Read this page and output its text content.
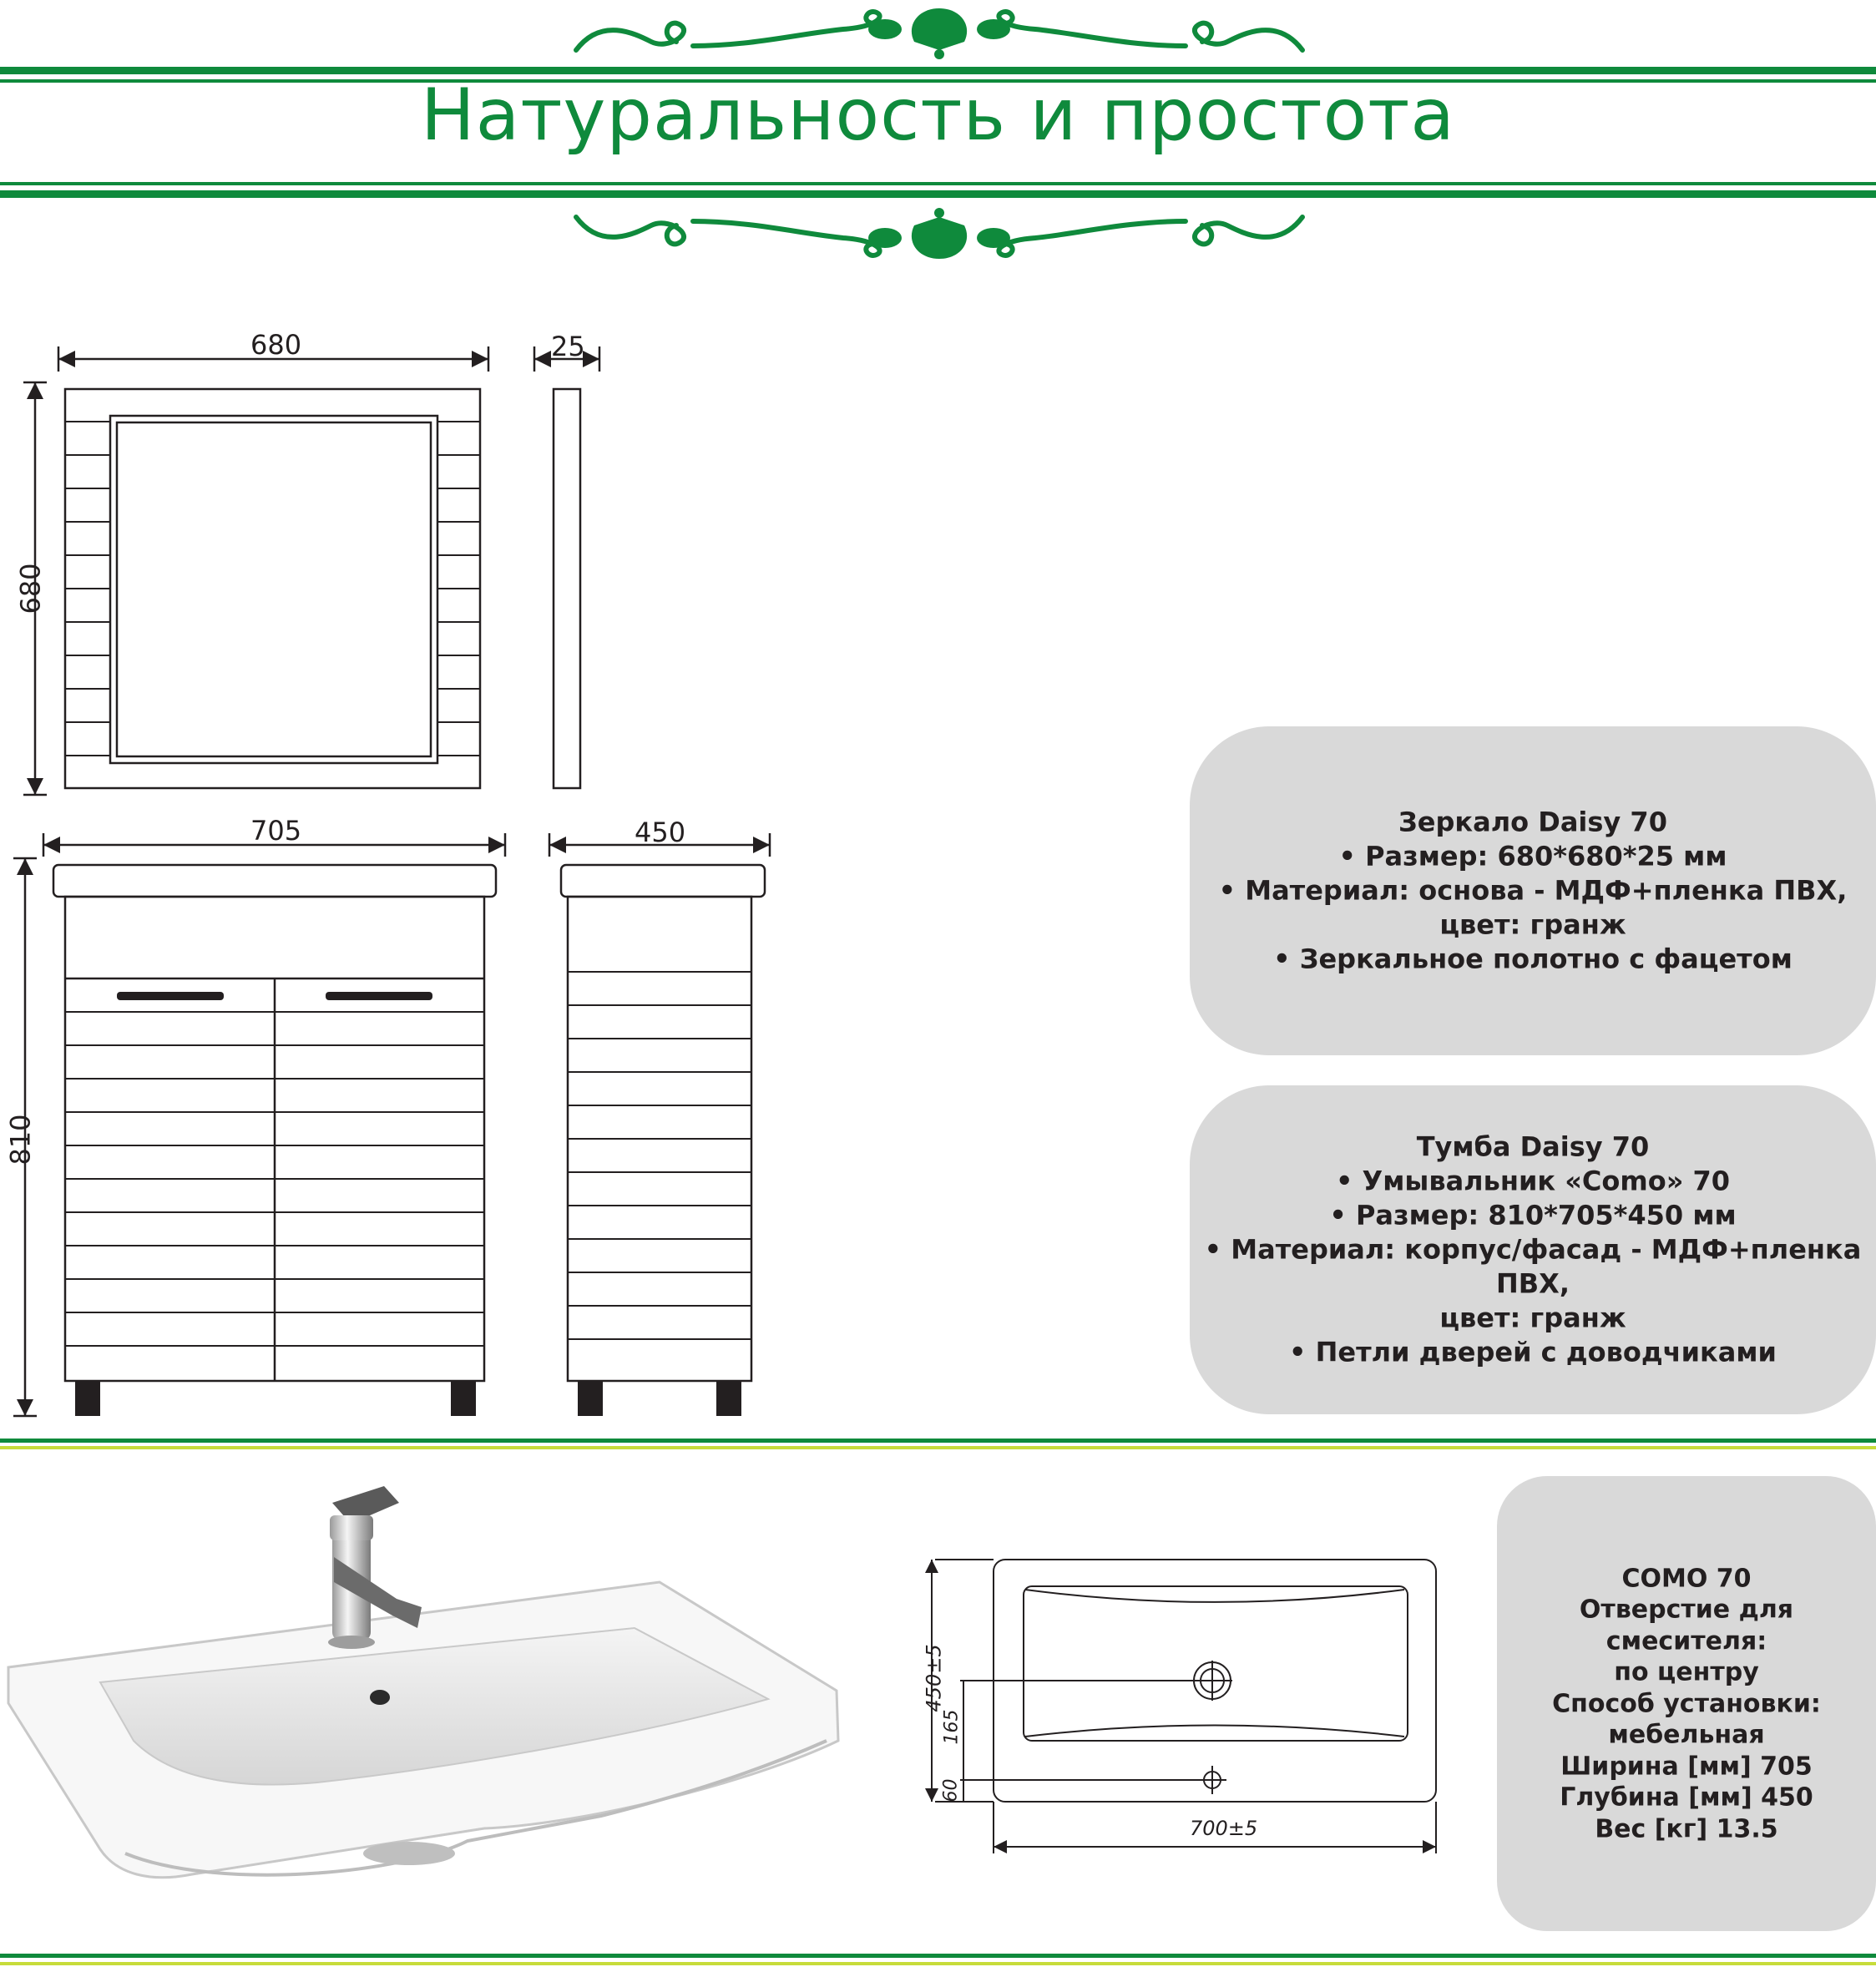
Натуральность и простота
680
680
25
705
810
450	Зеркало Daisy 70

• Размер: 680*680*25 мм

• Материал: основа - МДФ+пленка ПВХ,

цвет: гранж

• Зеркальное полотно с фацетом

Тумба Daisy 70

• Умывальник «Como» 70

• Размер: 810*705*450 мм

• Материал: корпус/фасад - МДФ+пленка ПВХ,

цвет: гранж

• Петли дверей с доводчиками

450±5
165
60
700±5

COMO 70

Отверстие для

смесителя:

по центру

Способ установки:

мебельная

Ширина [мм] 705

Глубина [мм] 450

Вес [кг] 13.5
